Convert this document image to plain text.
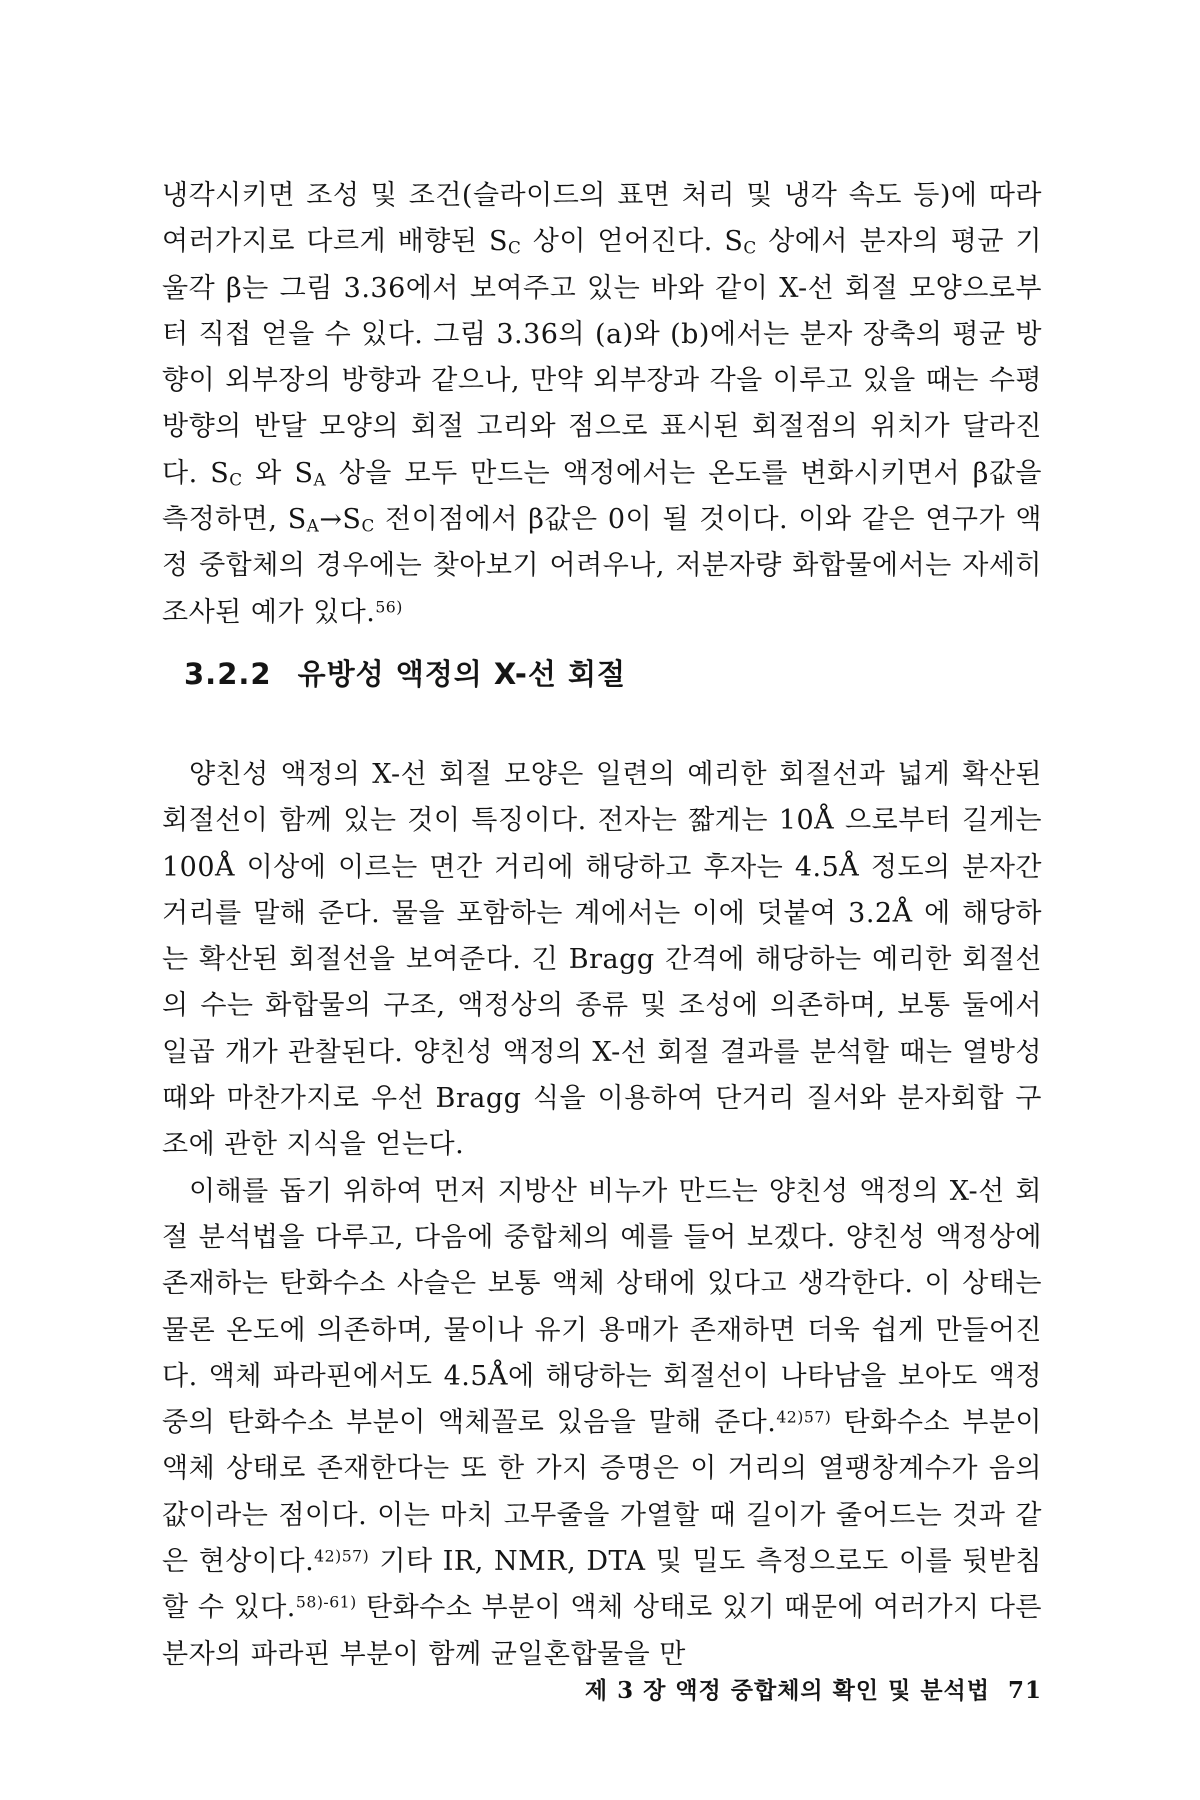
냉각시키면 조성 및 조건(슬라이드의 표면 처리 및 냉각 속도 등)에 따라 여러가지로 다르게 배향된 $S_C$ 상이 얻어진다. $S_C$ 상에서 분자의 평균 기울각 β는 그림 3.36에서 보여주고 있는 바와 같이 X-선 회절 모양으로부터 직접 얻을 수 있다. 그림 3.36의 (a)와 (b)에서는 분자 장축의 평균 방향이 외부장의 방향과 같으나, 만약 외부장과 각을 이루고 있을 때는 수평 방향의 반달 모양의 회절 고리와 점으로 표시된 회절점의 위치가 달라진다. $S_C$ 와 $S_A$ 상을 모두 만드는 액정에서는 온도를 변화시키면서 β값을 측정하면, $S_A\to S_C$ 전이점에서 β값은 0이 될 것이다. 이와 같은 연구가 액정 중합체의 경우에는 찾아보기 어려우나, 저분자량 화합물에서는 자세히 조사된 예가 있다.$^{56)}$

3.2.2 유방성 액정의 X-선 회절

양친성 액정의 X-선 회절 모양은 일련의 예리한 회절선과 넓게 확산된 회절선이 함께 있는 것이 특징이다. 전자는 짧게는 10Å 으로부터 길게는 100Å 이상에 이르는 면간 거리에 해당하고 후자는 4.5Å 정도의 분자간 거리를 말해 준다. 물을 포함하는 계에서는 이에 덧붙여 3.2Å 에 해당하는 확산된 회절선을 보여준다. 긴 Bragg 간격에 해당하는 예리한 회절선의 수는 화합물의 구조, 액정상의 종류 및 조성에 의존하며, 보통 둘에서 일곱 개가 관찰된다. 양친성 액정의 X-선 회절 결과를 분석할 때는 열방성 때와 마찬가지로 우선 Bragg 식을 이용하여 단거리 질서와 분자회합 구조에 관한 지식을 얻는다.

이해를 돕기 위하여 먼저 지방산 비누가 만드는 양친성 액정의 X-선 회절 분석법을 다루고, 다음에 중합체의 예를 들어 보겠다. 양친성 액정상에 존재하는 탄화수소 사슬은 보통 액체 상태에 있다고 생각한다. 이 상태는 물론 온도에 의존하며, 물이나 유기 용매가 존재하면 더욱 쉽게 만들어진다. 액체 파라핀에서도 4.5Å에 해당하는 회절선이 나타남을 보아도 액정 중의 탄화수소 부분이 액체꼴로 있음을 말해 준다.$^{42)57)}$ 탄화수소 부분이 액체 상태로 존재한다는 또 한 가지 증명은 이 거리의 열팽창계수가 음의 값이라는 점이다. 이는 마치 고무줄을 가열할 때 길이가 줄어드는 것과 같은 현상이다.$^{42)57)}$ 기타 IR, NMR, DTA 및 밀도 측정으로도 이를 뒷받침할 수 있다.$^{58)-61)}$ 탄화수소 부분이 액체 상태로 있기 때문에 여러가지 다른 분자의 파라핀 부분이 함께 균일혼합물을 만

제 3 장 액정 중합체의 확인 및 분석법 71
